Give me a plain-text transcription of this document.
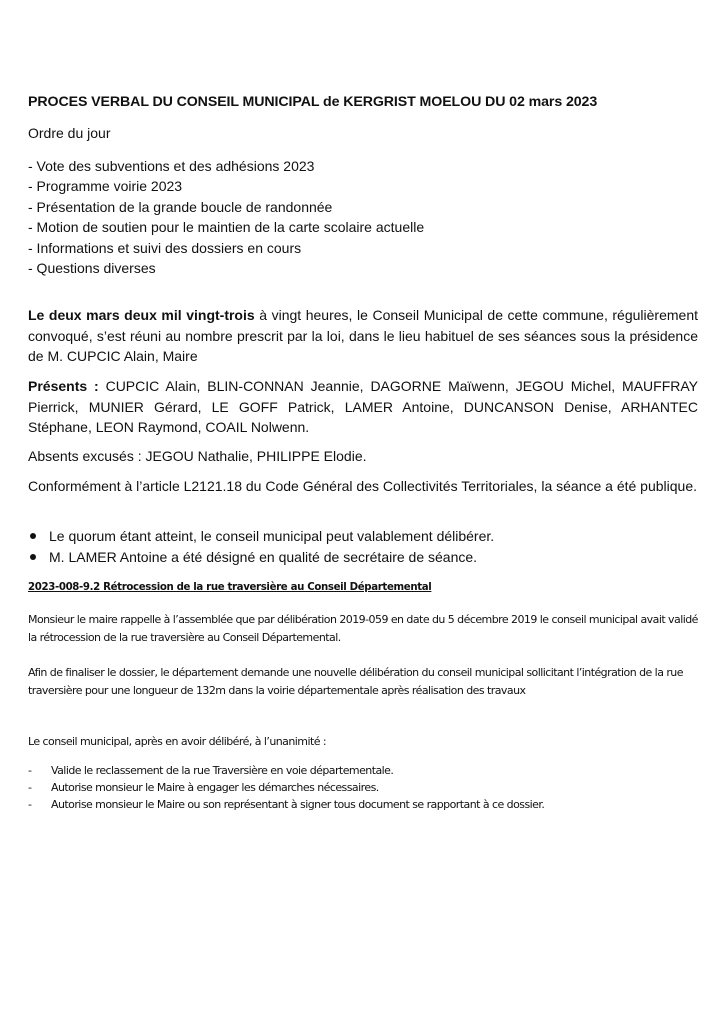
PROCES VERBAL DU CONSEIL MUNICIPAL de KERGRIST MOELOU DU 02 mars 2023
Ordre du jour
- Vote des subventions et des adhésions 2023
- Programme voirie 2023
- Présentation de la grande boucle de randonnée
- Motion de soutien pour le maintien de la carte scolaire actuelle
- Informations et suivi des dossiers en cours
- Questions diverses

Le deux mars deux mil vingt-trois à vingt heures, le Conseil Municipal de cette commune, régulièrement convoqué, s’est réuni au nombre prescrit par la loi, dans le lieu habituel de ses séances sous la présidence de M. CUPCIC Alain, Maire

Présents : CUPCIC Alain, BLIN-CONNAN Jeannie, DAGORNE Maïwenn, JEGOU Michel, MAUFFRAY Pierrick, MUNIER Gérard, LE GOFF Patrick, LAMER Antoine, DUNCANSON Denise, ARHANTEC Stéphane, LEON Raymond, COAIL Nolwenn.

Absents excusés : JEGOU Nathalie, PHILIPPE Elodie.

Conformément à l’article L2121.18 du Code Général des Collectivités Territoriales, la séance a été publique.

Le quorum étant atteint, le conseil municipal peut valablement délibérer.
M. LAMER Antoine a été désigné en qualité de secrétaire de séance.
2023-008-9.2 Rétrocession de la rue traversière au Conseil Départemental

Monsieur le maire rappelle à l’assemblée que par délibération 2019-059 en date du 5 décembre 2019 le conseil municipal avait validé la rétrocession de la rue traversière au Conseil Départemental.

Afin de finaliser le dossier, le département demande une nouvelle délibération du conseil municipal sollicitant l’intégration de la rue traversière pour une longueur de 132m dans la voirie départementale après réalisation des travaux

Le conseil municipal, après en avoir délibéré, à l’unanimité :

- Valide le reclassement de la rue Traversière en voie départementale.
- Autorise monsieur le Maire à engager les démarches nécessaires.
- Autorise monsieur le Maire ou son représentant à signer tous document se rapportant à ce dossier.
